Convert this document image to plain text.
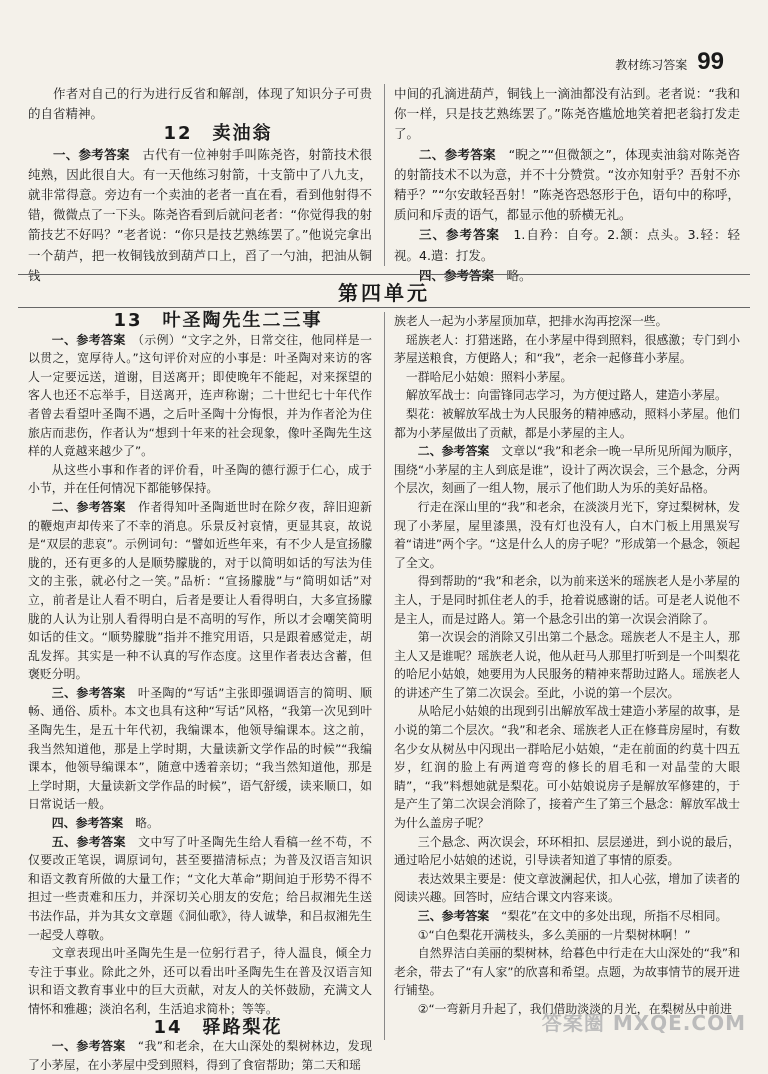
教材练习答案 99

作者对自己的行为进行反省和解剖，体现了知识分子可贵的自省精神。

12　卖油翁

一、参考答案　 古代有一位神射手叫陈尧咨，射箭技术很纯熟，因此很自大。有一天他练习射箭，十支箭中了八九支，就非常得意。旁边有一个卖油的老者一直在看，看到他射得不错，微微点了一下头。陈尧咨看到后就问老者：“你觉得我的射箭技艺不好吗？”老者说：“你只是技艺熟练罢了。”他说完拿出一个葫芦，把一枚铜钱放到葫芦口上，舀了一勺油，把油从铜钱

中间的孔滴进葫芦，铜钱上一滴油都没有沾到。老者说：“我和你一样，只是技艺熟练罢了。”陈尧咨尴尬地笑着把老翁打发走了。

二、参考答案　 “睨之”“但微颔之”，体现卖油翁对陈尧咨的射箭技术不以为意，并不十分赞赏。“汝亦知射乎？吾射不亦精乎？”“尔安敢轻吾射！”陈尧咨恐怒形于色，语句中的称呼，质问和斥责的语气，都显示他的骄横无礼。

三、参考答案　 1.自矜：自夸。2.颔：点头。3.轻：轻视。4.遣：打发。

四、参考答案　 略。

第四单元

13　叶圣陶先生二三事

一、参考答案　 （示例）“文字之外，日常交往，他同样是一以贯之，宽厚待人。”这句评价对应的小事是：叶圣陶对来访的客人一定要远送，道谢，目送离开；即使晚年不能起，对来探望的客人也还不忘举手，目送离开，连声称谢；二十世纪七十年代作者曾去看望叶圣陶不遇，之后叶圣陶十分悔恨，并为作者沦为住旅店而悲伤，作者认为“想到十年来的社会现象，像叶圣陶先生这样的人竟越来越少了”。

从这些小事和作者的评价看，叶圣陶的德行源于仁心，成于小节，并在任何情况下都能够保持。

二、参考答案　 作者得知叶圣陶逝世时在除夕夜，辞旧迎新的鞭炮声却传来了不幸的消息。乐景反衬哀情，更显其哀，故说是“双层的悲哀”。示例词句：“譬如近些年来，有不少人是宣扬朦胧的，还有更多的人是顺势朦胧的，对于以简明如话的写法为佳文的主张，就必付之一笑。”品析：“宣扬朦胧”与“简明如话”对立，前者是让人看不明白，后者是要让人看得明白，大多宣扬朦胧的人认为让别人看得明白是不高明的写作，所以才会嘲笑简明如话的佳文。“顺势朦胧”指并不推究用语，只是跟着感觉走，胡乱发挥。其实是一种不认真的写作态度。这里作者表达含蓄，但褒贬分明。

三、参考答案　 叶圣陶的“写话”主张即强调语言的简明、顺畅、通俗、质朴。本文也具有这种“写话”风格，“我第一次见到叶圣陶先生，是五十年代初，我编课本，他领导编课本。这之前，我当然知道他，那是上学时期，大量读新文学作品的时候”“我编课本，他领导编课本”，随意中透着亲切；“我当然知道他，那是上学时期，大量读新文学作品的时候”，语气舒缓，读来顺口，如日常说话一般。

四、参考答案　 略。

五、参考答案　 文中写了叶圣陶先生给人看稿一丝不苟，不仅要改正笔误，调原词句，甚至要描清标点；为普及汉语言知识和语文教育所做的大量工作；“文化大革命”期间迫于形势不得不担过一些责难和压力，并深切关心朋友的安危；给吕叔湘先生送书法作品，并为其女文章题《洞仙歌》，待人诚挚，和吕叔湘先生一起受人尊敬。

文章表现出叶圣陶先生是一位躬行君子，待人温良，倾全力专注于事业。除此之外，还可以看出叶圣陶先生在普及汉语言知识和语文教育事业中的巨大贡献，对友人的关怀鼓励，充满文人情怀和雅趣；淡泊名利，生活追求简朴；等等。

14　驿路梨花

一、参考答案　 “我”和老余，在大山深处的梨树林边，发现了小茅屋，在小茅屋中受到照料，得到了食宿帮助；第二天和瑶

族老人一起为小茅屋顶加草，把排水沟再挖深一些。

瑶族老人：打猎迷路，在小茅屋中得到照料，很感激；专门到小茅屋送粮食，方便路人；和“我”，老余一起修葺小茅屋。

一群哈尼小姑娘：照料小茅屋。

解放军战士：向雷锋同志学习，为方便过路人，建造小茅屋。

梨花：被解放军战士为人民服务的精神感动，照料小茅屋。他们都为小茅屋做出了贡献，都是小茅屋的主人。

二、参考答案　 文章以“我”和老余一晚一早所见所闻为顺序，围绕“小茅屋的主人到底是谁”，设计了两次误会，三个悬念，分两个层次，刻画了一组人物，展示了他们助人为乐的美好品格。

行走在深山里的“我”和老余，在淡淡月光下，穿过梨树林，发现了小茅屋，屋里漆黑，没有灯也没有人，白木门板上用黑炭写着“请进”两个字。“这是什么人的房子呢？”形成第一个悬念，领起了全文。

得到帮助的“我”和老余，以为前来送米的瑶族老人是小茅屋的主人，于是同时抓住老人的手，抢着说感谢的话。可是老人说他不是主人，而是过路人。第一个悬念引出的第一次误会消除了。

第一次误会的消除又引出第二个悬念。瑶族老人不是主人，那主人又是谁呢？瑶族老人说，他从赶马人那里打听到是一个叫梨花的哈尼小姑娘，她要用为人民服务的精神来帮助过路人。瑶族老人的讲述产生了第二次误会。至此，小说的第一个层次。

从哈尼小姑娘的出现到引出解放军战士建造小茅屋的故事，是小说的第二个层次。“我”和老余、瑶族老人正在修葺房屋时，有数名少女从树丛中闪现出一群哈尼小姑娘，“走在前面的约莫十四五岁，红润的脸上有两道弯弯的修长的眉毛和一对晶莹的大眼睛”，“我”料想她就是梨花。可小姑娘说房子是解放军修建的，于是产生了第二次误会消除了，接着产生了第三个悬念：解放军战士为什么盖房子呢？

三个悬念、两次误会，环环相扣、层层递进，到小说的最后，通过哈尼小姑娘的述说，引导读者知道了事情的原委。

表达效果主要是：使文章波澜起伏，扣人心弦，增加了读者的阅读兴趣。回答时，应结合课文内容来谈。

三、参考答案　 “梨花”在文中的多处出现，所指不尽相同。

①“白色梨花开满枝头，多么美丽的一片梨树林啊！”

自然界洁白美丽的梨树林，给暮色中行走在大山深处的“我”和老余，带去了“有人家”的欣喜和希望。点题，为故事情节的展开进行铺垫。

②“一弯新月升起了，我们借助淡淡的月光，在梨树丛中前进

答案圈 MXQE.COM
